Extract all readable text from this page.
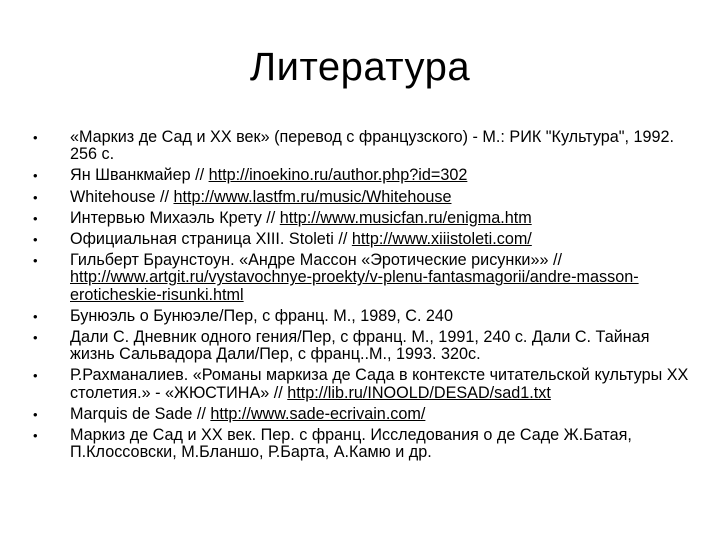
Литература
•	«Маркиз де Сад и XX век» (перевод с французского) - М.: РИК "Культура", 1992. 256 с.
•	Ян Шванкмайер // http://inoekino.ru/author.php?id=302
•	Whitehouse // http://www.lastfm.ru/music/Whitehouse
•	Интервью Михаэль Крету // http://www.musicfan.ru/enigma.htm
•	Официальная страница XIII. Stoleti // http://www.xiiistoleti.com/
•	Гильберт Браунстоун. «Андре Массон «Эротические рисунки»» // http://www.artgit.ru/vystavochnye-proekty/v-plenu-fantasmagorii/andre-masson-eroticheskie-risunki.html
•	Бунюэль о Бунюэле/Пер, с франц. М., 1989, С. 240
•	Дали С. Дневник одного гения/Пер, с франц. М., 1991, 240 с. Дали С. Тайная жизнь Сальвадора Дали/Пер, с франц..М., 1993. 320с.
•	Р.Рахманалиев. «Романы маркиза де Сада в контексте читательской культуры XX столетия.» - «ЖЮСТИНА» // http://lib.ru/INOOLD/DESAD/sad1.txt
•	Marquis de Sade // http://www.sade-ecrivain.com/
•	Маркиз де Сад и XX век. Пер. с франц. Исследования о де Саде Ж.Батая, П.Клоссовски, М.Бланшо, Р.Барта, А.Камю и др.
